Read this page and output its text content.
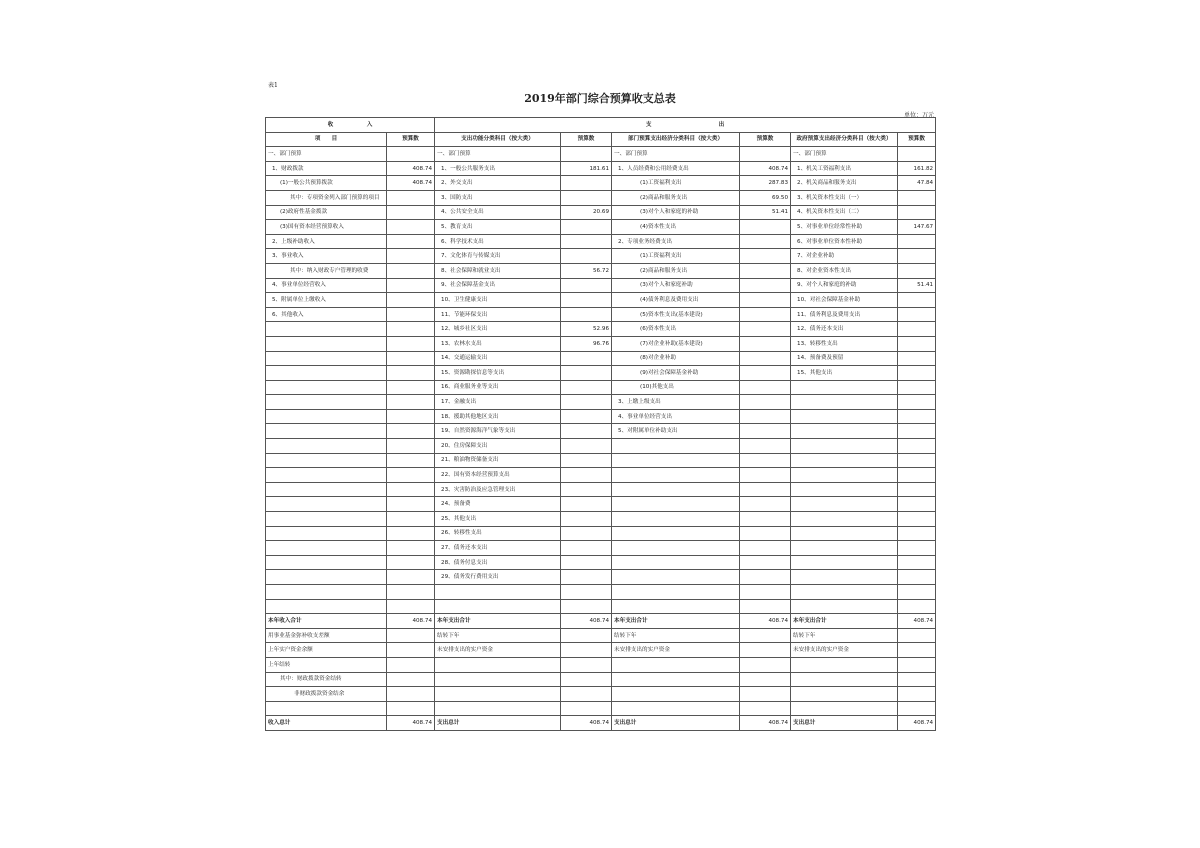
表1
2019年部门综合预算收支总表
单位：万元
收　　　　　　入		支　　　　　　　　　　　　出					
项　　目	预算数	支出功能分类科目（按大类）	预算数	部门预算支出经济分类科目（按大类）	预算数	政府预算支出经济分类科目（按大类）	预算数
一、部门预算		一、部门预算		一、部门预算		一、部门预算	
1、财政拨款	408.74	1、一般公共服务支出	181.61	1、人员经费和公用经费支出	408.74	1、机关工资福利支出	161.82
(1)一般公共预算拨款	408.74	2、外交支出		(1)工资福利支出	287.83	2、机关商品和服务支出	47.84
其中：专项资金列入部门预算的项目		3、国防支出		(2)商品和服务支出	69.50	3、机关资本性支出（一）	
(2)政府性基金拨款		4、公共安全支出	20.69	(3)对个人和家庭的补助	51.41	4、机关资本性支出（二）	
(3)国有资本经营预算收入		5、教育支出		(4)资本性支出		5、对事业单位经常性补助	147.67
2、上级补助收入		6、科学技术支出		2、专项业务经费支出		6、对事业单位资本性补助	
3、事业收入		7、文化体育与传媒支出		(1)工资福利支出		7、对企业补助	
其中：纳入财政专户管理的收费		8、社会保障和就业支出	56.72	(2)商品和服务支出		8、对企业资本性支出	
4、事业单位经营收入		9、社会保障基金支出		(3)对个人和家庭补助		9、对个人和家庭的补助	51.41
5、附属单位上缴收入		10、卫生健康支出		(4)债务利息及费用支出		10、对社会保障基金补助	
6、其他收入		11、节能环保支出		(5)资本性支出(基本建设)		11、债务利息及费用支出	
		12、城乡社区支出	52.96	(6)资本性支出		12、债务还本支出	
		13、农林水支出	96.76	(7)对企业补助(基本建设)		13、转移性支出	
		14、交通运输支出		(8)对企业补助		14、预备费及预留	
		15、资源勘探信息等支出		(9)对社会保障基金补助		15、其他支出	
		16、商业服务业等支出		(10)其他支出			
		17、金融支出		3、上缴上级支出			
		18、援助其他地区支出		4、事业单位经营支出			
		19、自然资源海洋气象等支出		5、对附属单位补助支出			
		20、住房保障支出					
		21、粮油物资储备支出					
		22、国有资本经营预算支出					
		23、灾害防治及应急管理支出					
		24、预备费					
		25、其他支出					
		26、转移性支出					
		27、债务还本支出					
		28、债务付息支出					
		29、债务发行费用支出					

本年收入合计	408.74	本年支出合计	408.74	本年支出合计	408.74	本年支出合计	408.74
用事业基金弥补收支差额		结转下年		结转下年		结转下年	
上年实户资金余额		未安排支出的实户资金		未安排支出的实户资金		未安排支出的实户资金	
上年结转							
其中：财政拨款资金结转							
非财政拨款资金结余							

收入总计	408.74	支出总计	408.74	支出总计	408.74	支出总计	408.74
